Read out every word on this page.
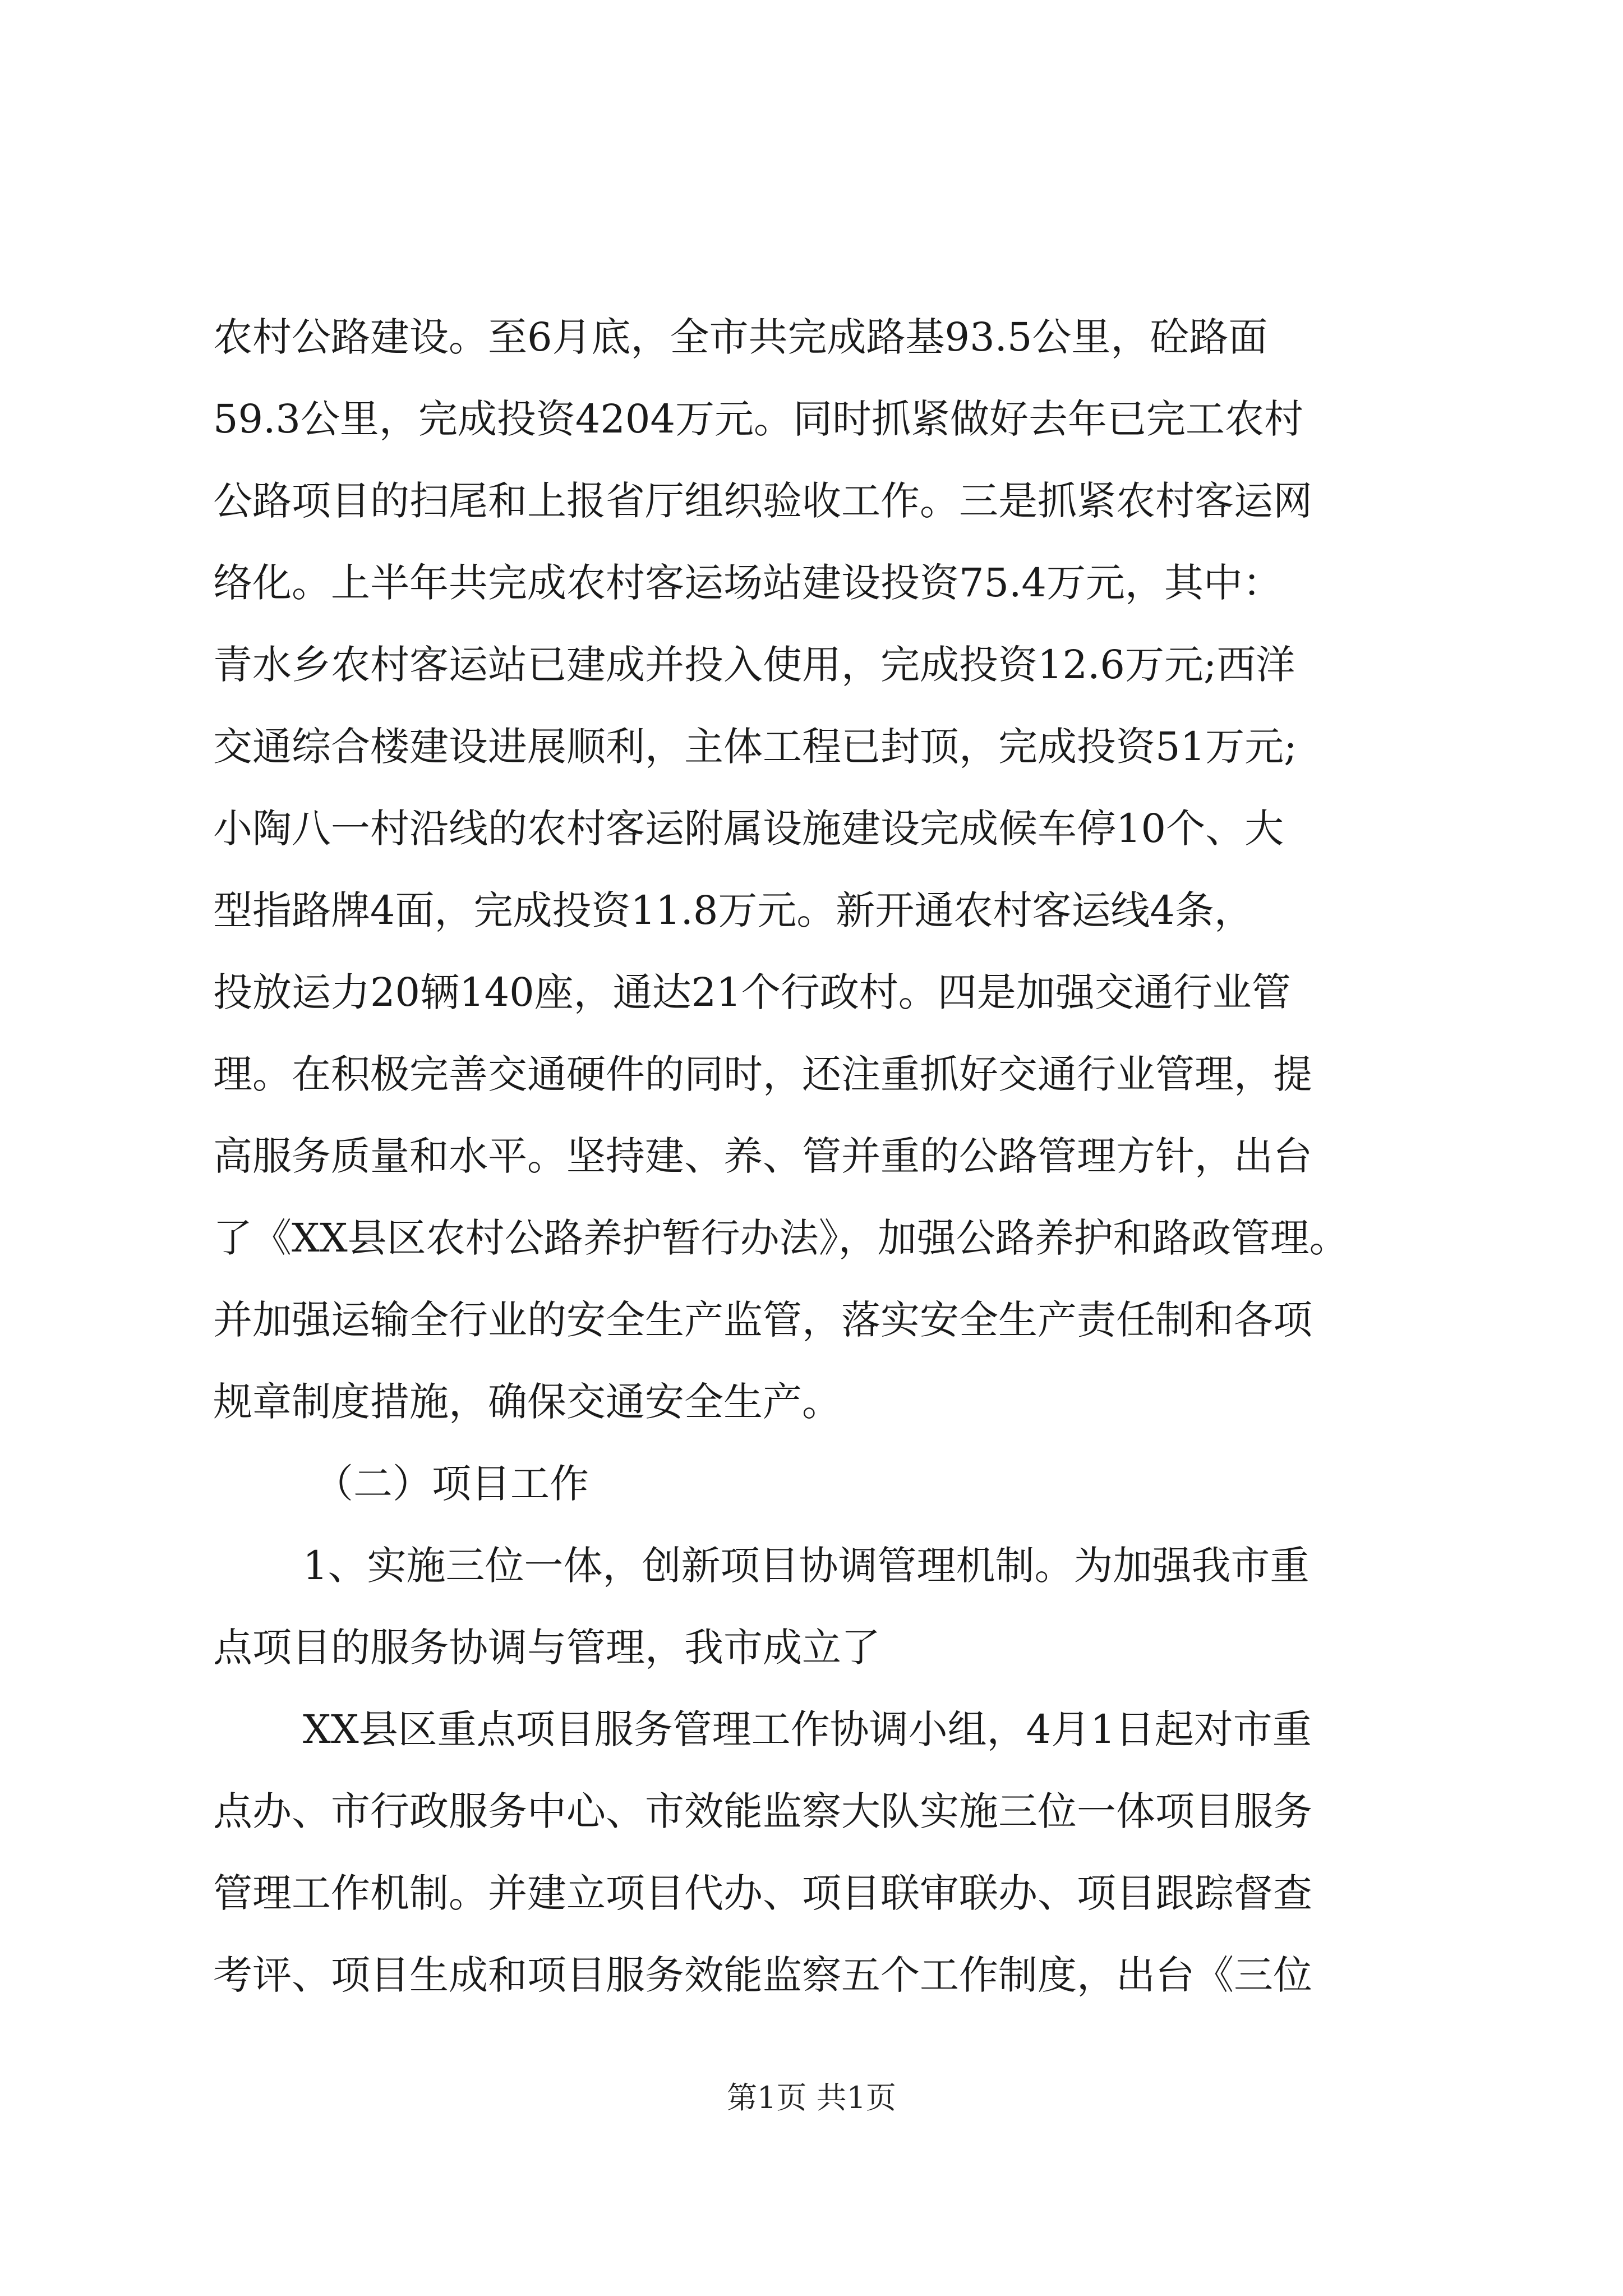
农村公路建设。至6月底，全市共完成路基93.5公里，砼路面
59.3公里，完成投资4204万元。同时抓紧做好去年已完工农村
公路项目的扫尾和上报省厅组织验收工作。三是抓紧农村客运网
络化。上半年共完成农村客运场站建设投资75.4万元，其中：
青水乡农村客运站已建成并投入使用，完成投资12.6万元;西洋
交通综合楼建设进展顺利，主体工程已封顶，完成投资51万元;
小陶八一村沿线的农村客运附属设施建设完成候车停10个、大
型指路牌4面，完成投资11.8万元。新开通农村客运线4条，
投放运力20辆140座，通达21个行政村。四是加强交通行业管
理。在积极完善交通硬件的同时，还注重抓好交通行业管理，提
高服务质量和水平。坚持建、养、管并重的公路管理方针，出台
了《XX县区农村公路养护暂行办法》，加强公路养护和路政管理。
并加强运输全行业的安全生产监管，落实安全生产责任制和各项
规章制度措施，确保交通安全生产。
（二）项目工作
1、实施三位一体，创新项目协调管理机制。为加强我市重
点项目的服务协调与管理，我市成立了
XX县区重点项目服务管理工作协调小组，4月1日起对市重
点办、市行政服务中心、市效能监察大队实施三位一体项目服务
管理工作机制。并建立项目代办、项目联审联办、项目跟踪督查
考评、项目生成和项目服务效能监察五个工作制度，出台《三位
第1页 共1页
